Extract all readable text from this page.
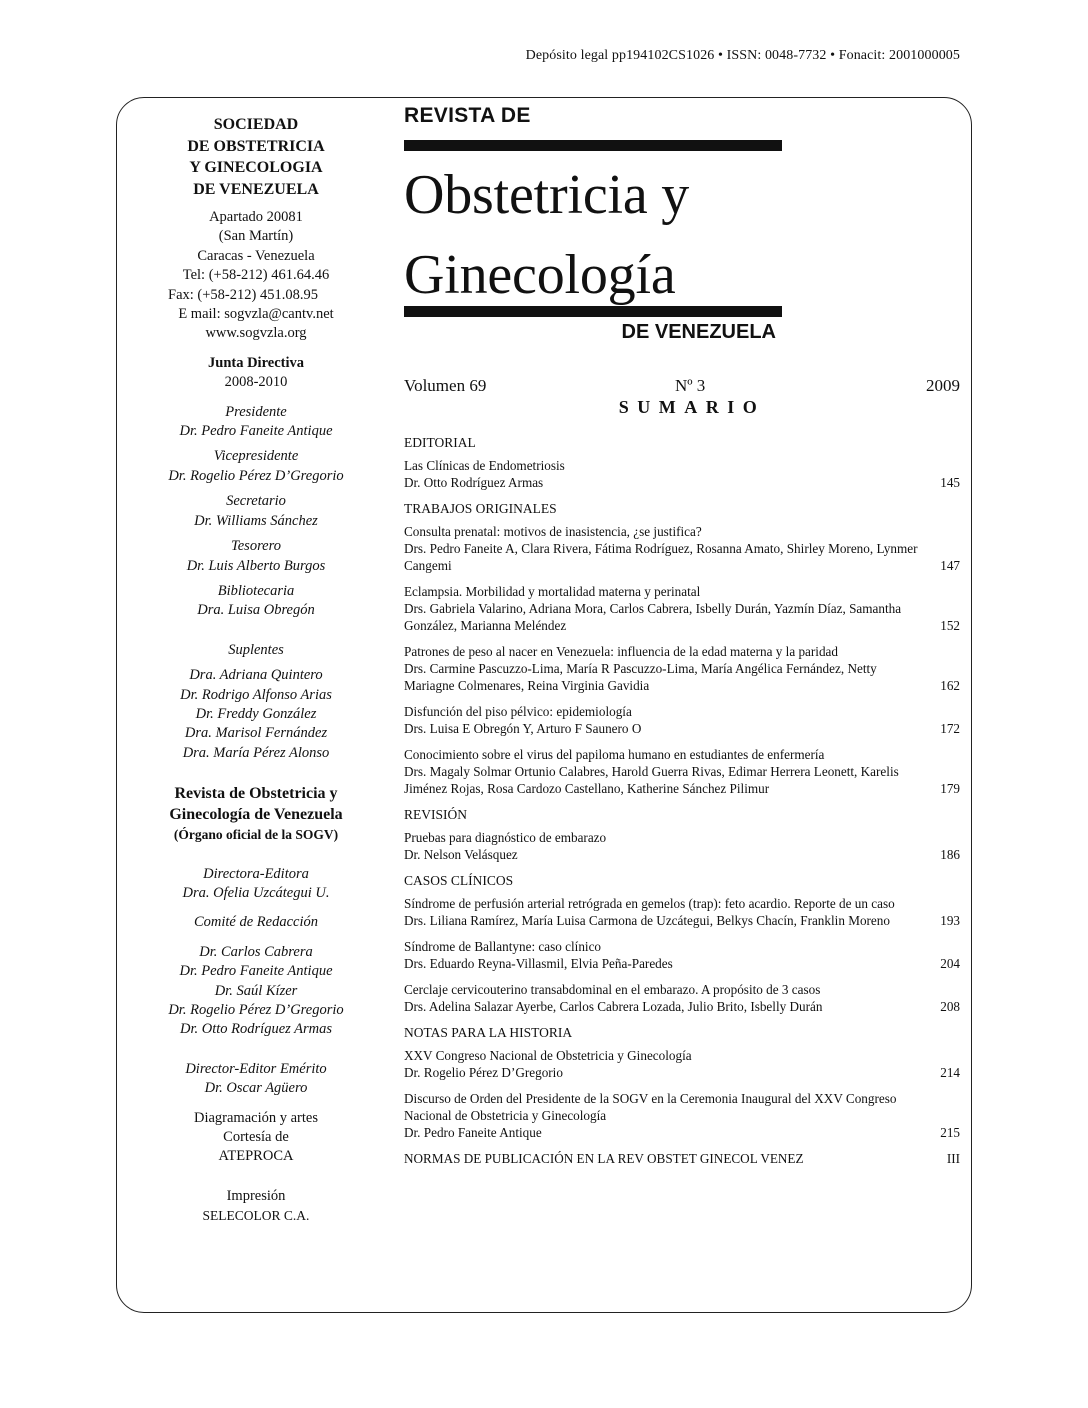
Depósito legal pp194102CS1026 • ISSN: 0048-7732 • Fonacit: 2001000005
SOCIEDAD
DE OBSTETRICIA
Y GINECOLOGIA
DE VENEZUELA
Apartado 20081
(San Martín)
Caracas - Venezuela
Tel: (+58-212) 461.64.46
Fax: (+58-212) 451.08.95
E mail: sogvzla@cantv.net
www.sogvzla.org
Junta Directiva
2008-2010
Presidente
Dr. Pedro Faneite Antique
Vicepresidente
Dr. Rogelio Pérez D’Gregorio
Secretario
Dr. Williams Sánchez
Tesorero
Dr. Luis Alberto Burgos
Bibliotecaria
Dra. Luisa Obregón
Suplentes
Dra. Adriana Quintero
Dr. Rodrigo Alfonso Arias
Dr. Freddy González
Dra. Marisol Fernández
Dra. María Pérez Alonso
Revista de Obstetricia y
Ginecología de Venezuela
(Órgano oficial de la SOGV)
Directora-Editora
Dra. Ofelia Uzcátegui U.
Comité de Redacción
Dr. Carlos Cabrera
Dr. Pedro Faneite Antique
Dr. Saúl Kízer
Dr. Rogelio Pérez D’Gregorio
Dr. Otto Rodríguez Armas
Director-Editor Emérito
Dr. Oscar Agüero
Diagramación y artes
Cortesía de
ATEPROCA
Impresión
SELECOLOR C.A.
REVISTA DE
Obstetricia y
Ginecología
DE VENEZUELA
Volumen 69	Nº 3	2009
SUMARIO
EDITORIAL
Las Clínicas de Endometriosis
Dr. Otto Rodríguez Armas	145
TRABAJOS ORIGINALES
Consulta prenatal: motivos de inasistencia, ¿se justifica?
Drs. Pedro Faneite A, Clara Rivera, Fátima Rodríguez, Rosanna Amato, Shirley Moreno, Lynmer Cangemi	147
Eclampsia. Morbilidad y mortalidad materna y perinatal
Drs. Gabriela Valarino, Adriana Mora, Carlos Cabrera, Isbelly Durán, Yazmín Díaz, Samantha González, Marianna Meléndez	152
Patrones de peso al nacer en Venezuela: influencia de la edad materna y la paridad
Drs. Carmine Pascuzzo-Lima, María R Pascuzzo-Lima, María Angélica Fernández, Netty Mariagne Colmenares, Reina Virginia Gavidia	162
Disfunción del piso pélvico: epidemiología
Drs. Luisa E Obregón Y, Arturo F Saunero O	172
Conocimiento sobre el virus del papiloma humano en estudiantes de enfermería
Drs. Magaly Solmar Ortunio Calabres, Harold Guerra Rivas, Edimar Herrera Leonett, Karelis Jiménez Rojas, Rosa Cardozo Castellano, Katherine Sánchez Pilimur	179
REVISIÓN
Pruebas para diagnóstico de embarazo
Dr. Nelson Velásquez	186
CASOS CLÍNICOS
Síndrome de perfusión arterial retrógrada en gemelos (trap): feto acardio. Reporte de un caso
Drs. Liliana Ramírez, María Luisa Carmona de Uzcátegui, Belkys Chacín, Franklin Moreno	193
Síndrome de Ballantyne: caso clínico
Drs. Eduardo Reyna-Villasmil, Elvia Peña-Paredes	204
Cerclaje cervicouterino transabdominal en el embarazo. A propósito de 3 casos
Drs. Adelina Salazar Ayerbe, Carlos Cabrera Lozada, Julio Brito, Isbelly Durán	208
NOTAS PARA LA HISTORIA
XXV Congreso Nacional de Obstetricia y Ginecología
Dr. Rogelio Pérez D’Gregorio	214
Discurso de Orden del Presidente de la SOGV en la Ceremonia Inaugural del XXV Congreso Nacional de Obstetricia y Ginecología
Dr. Pedro Faneite Antique	215
NORMAS DE PUBLICACIÓN EN LA REV OBSTET GINECOL VENEZ	III
